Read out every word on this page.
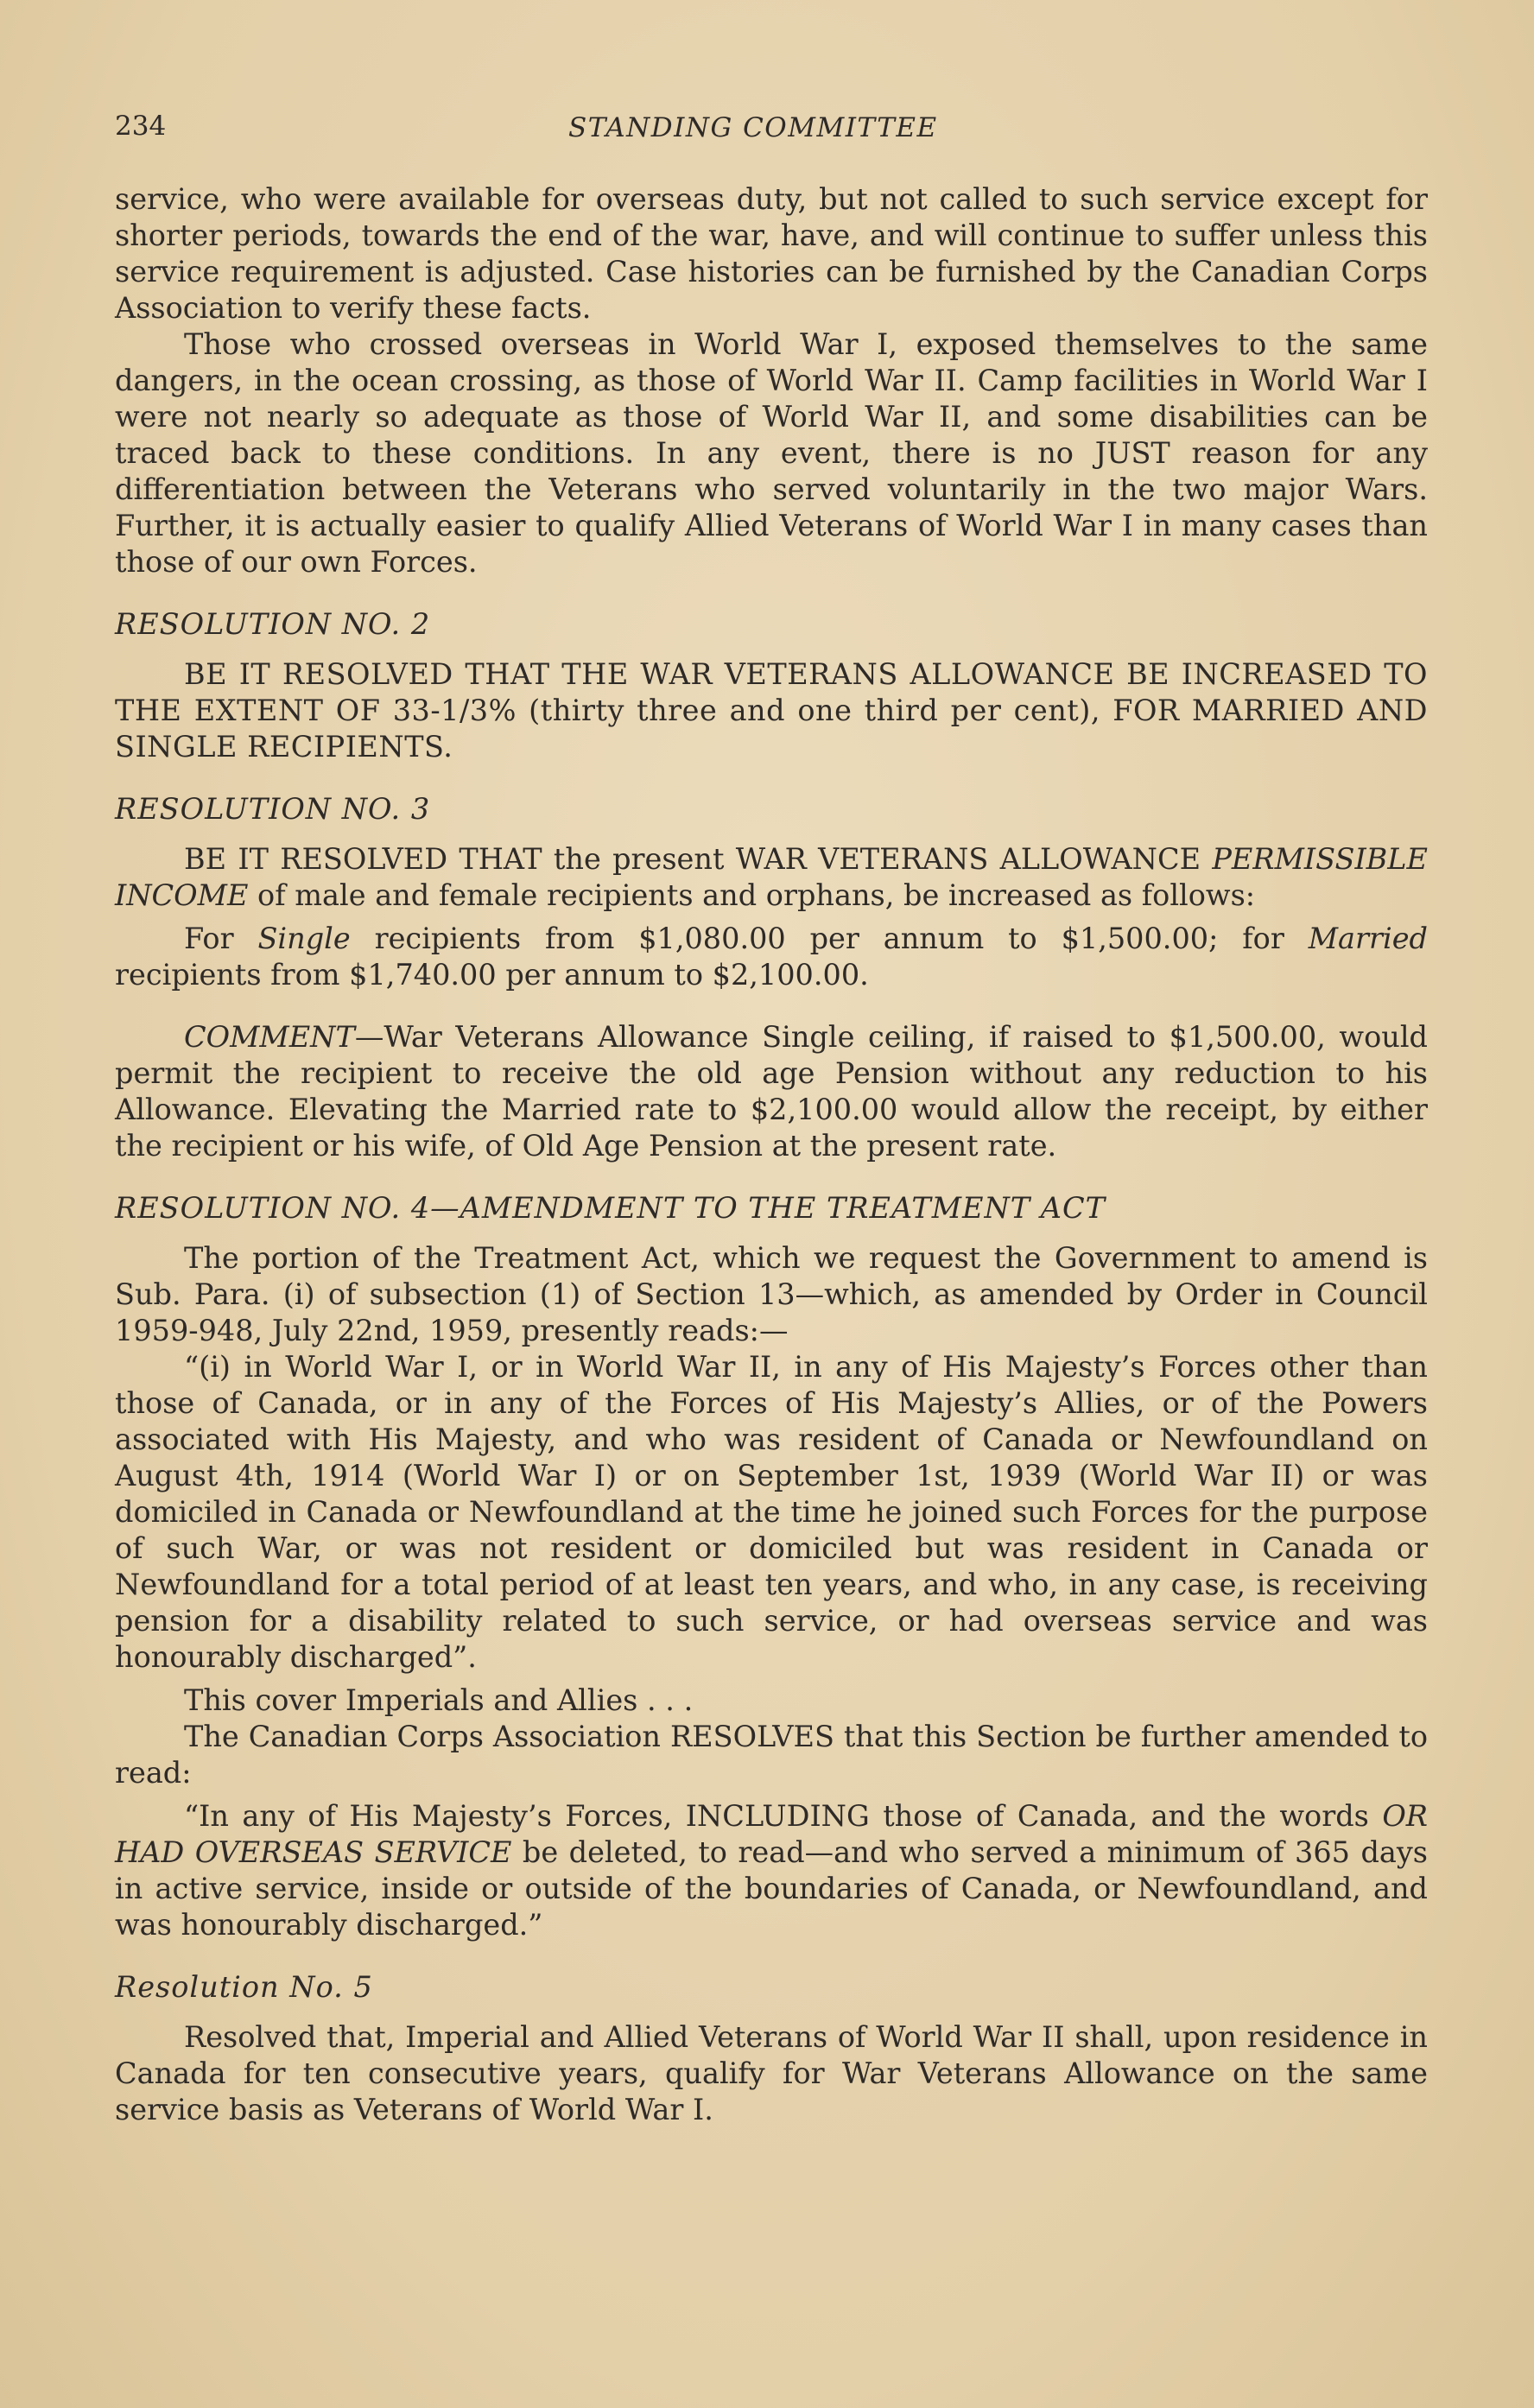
234	STANDING COMMITTEE

service, who were available for overseas duty, but not called to such service except for shorter periods, towards the end of the war, have, and will continue to suffer unless this service requirement is adjusted. Case histories can be furnished by the Canadian Corps Association to verify these facts.

Those who crossed overseas in World War I, exposed themselves to the same dangers, in the ocean crossing, as those of World War II. Camp facilities in World War I were not nearly so adequate as those of World War II, and some disabilities can be traced back to these conditions. In any event, there is no JUST reason for any differentiation between the Veterans who served voluntarily in the two major Wars. Further, it is actually easier to qualify Allied Veterans of World War I in many cases than those of our own Forces.

RESOLUTION NO. 2

BE IT RESOLVED THAT THE WAR VETERANS ALLOWANCE BE INCREASED TO THE EXTENT OF 33-1/3% (thirty three and one third per cent), FOR MARRIED AND SINGLE RECIPIENTS.

RESOLUTION NO. 3

BE IT RESOLVED THAT the present WAR VETERANS ALLOWANCE PERMISSIBLE INCOME of male and female recipients and orphans, be increased as follows:

For Single recipients from $1,080.00 per annum to $1,500.00; for Married recipients from $1,740.00 per annum to $2,100.00.

COMMENT—War Veterans Allowance Single ceiling, if raised to $1,500.00, would permit the recipient to receive the old age Pension without any reduction to his Allowance. Elevating the Married rate to $2,100.00 would allow the receipt, by either the recipient or his wife, of Old Age Pension at the present rate.

RESOLUTION NO. 4—AMENDMENT TO THE TREATMENT ACT

The portion of the Treatment Act, which we request the Government to amend is Sub. Para. (i) of subsection (1) of Section 13—which, as amended by Order in Council 1959-948, July 22nd, 1959, presently reads:—

“(i) in World War I, or in World War II, in any of His Majesty’s Forces other than those of Canada, or in any of the Forces of His Majesty’s Allies, or of the Powers associated with His Majesty, and who was resident of Canada or Newfoundland on August 4th, 1914 (World War I) or on September 1st, 1939 (World War II) or was domiciled in Canada or Newfoundland at the time he joined such Forces for the purpose of such War, or was not resident or domiciled but was resident in Canada or Newfoundland for a total period of at least ten years, and who, in any case, is receiving pension for a disability related to such service, or had overseas service and was honourably discharged”.

This cover Imperials and Allies . . .

The Canadian Corps Association RESOLVES that this Section be further amended to read:

“In any of His Majesty’s Forces, INCLUDING those of Canada, and the words OR HAD OVERSEAS SERVICE be deleted, to read—and who served a minimum of 365 days in active service, inside or outside of the boundaries of Canada, or Newfoundland, and was honourably discharged.”

Resolution No. 5

Resolved that, Imperial and Allied Veterans of World War II shall, upon residence in Canada for ten consecutive years, qualify for War Veterans Allowance on the same service basis as Veterans of World War I.
